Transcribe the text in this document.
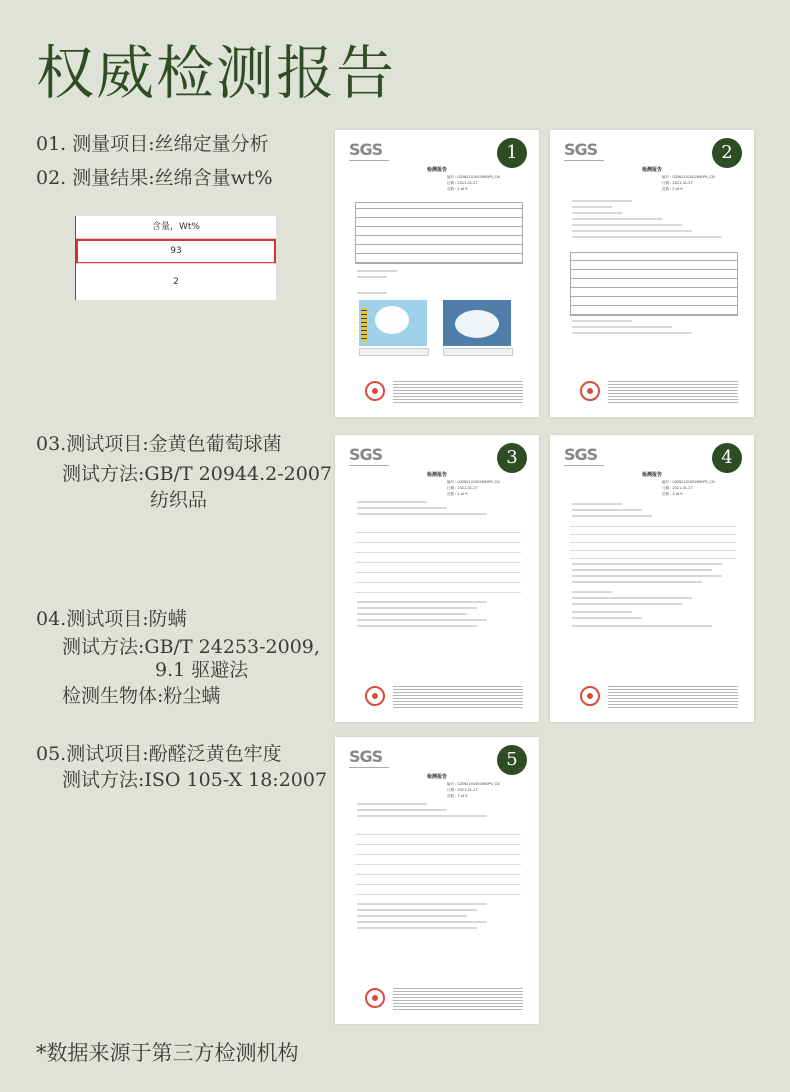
权威检测报告
01. 测量项目:丝绵定量分析
02. 测量结果:丝绵含量wt%
含量，Wt%
93
2
03.测试项目:金黄色葡萄球菌
测试方法:GB/T 20944.2-2007
纺织品
04.测试项目:防螨
测试方法:GB/T 24253-2009,
9.1 驱避法
检测生物体:粉尘螨
05.测试项目:酚醛泛黄色牢度
测试方法:ISO 105-X 18:2007
SGS	1
检测报告
编号 : GZIN2101002890PS_CN
日期 : 2021-01-27
页数 : 2 of 9
SGS	2
检测报告
编号 : GZIN2101002890PS_CN
日期 : 2021-01-27
页数 : 2 of 9
SGS	3
检测报告
编号 : GZIN2101002890PS_CN
日期 : 2021-01-27
页数 : 2 of 9
SGS	4
检测报告
编号 : GZIN2101002890PS_CN
日期 : 2021-01-27
页数 : 2 of 9
SGS	5
检测报告
编号 : GZIN2101002890PS_CN
日期 : 2021-01-27
页数 : 2 of 9
*数据来源于第三方检测机构
